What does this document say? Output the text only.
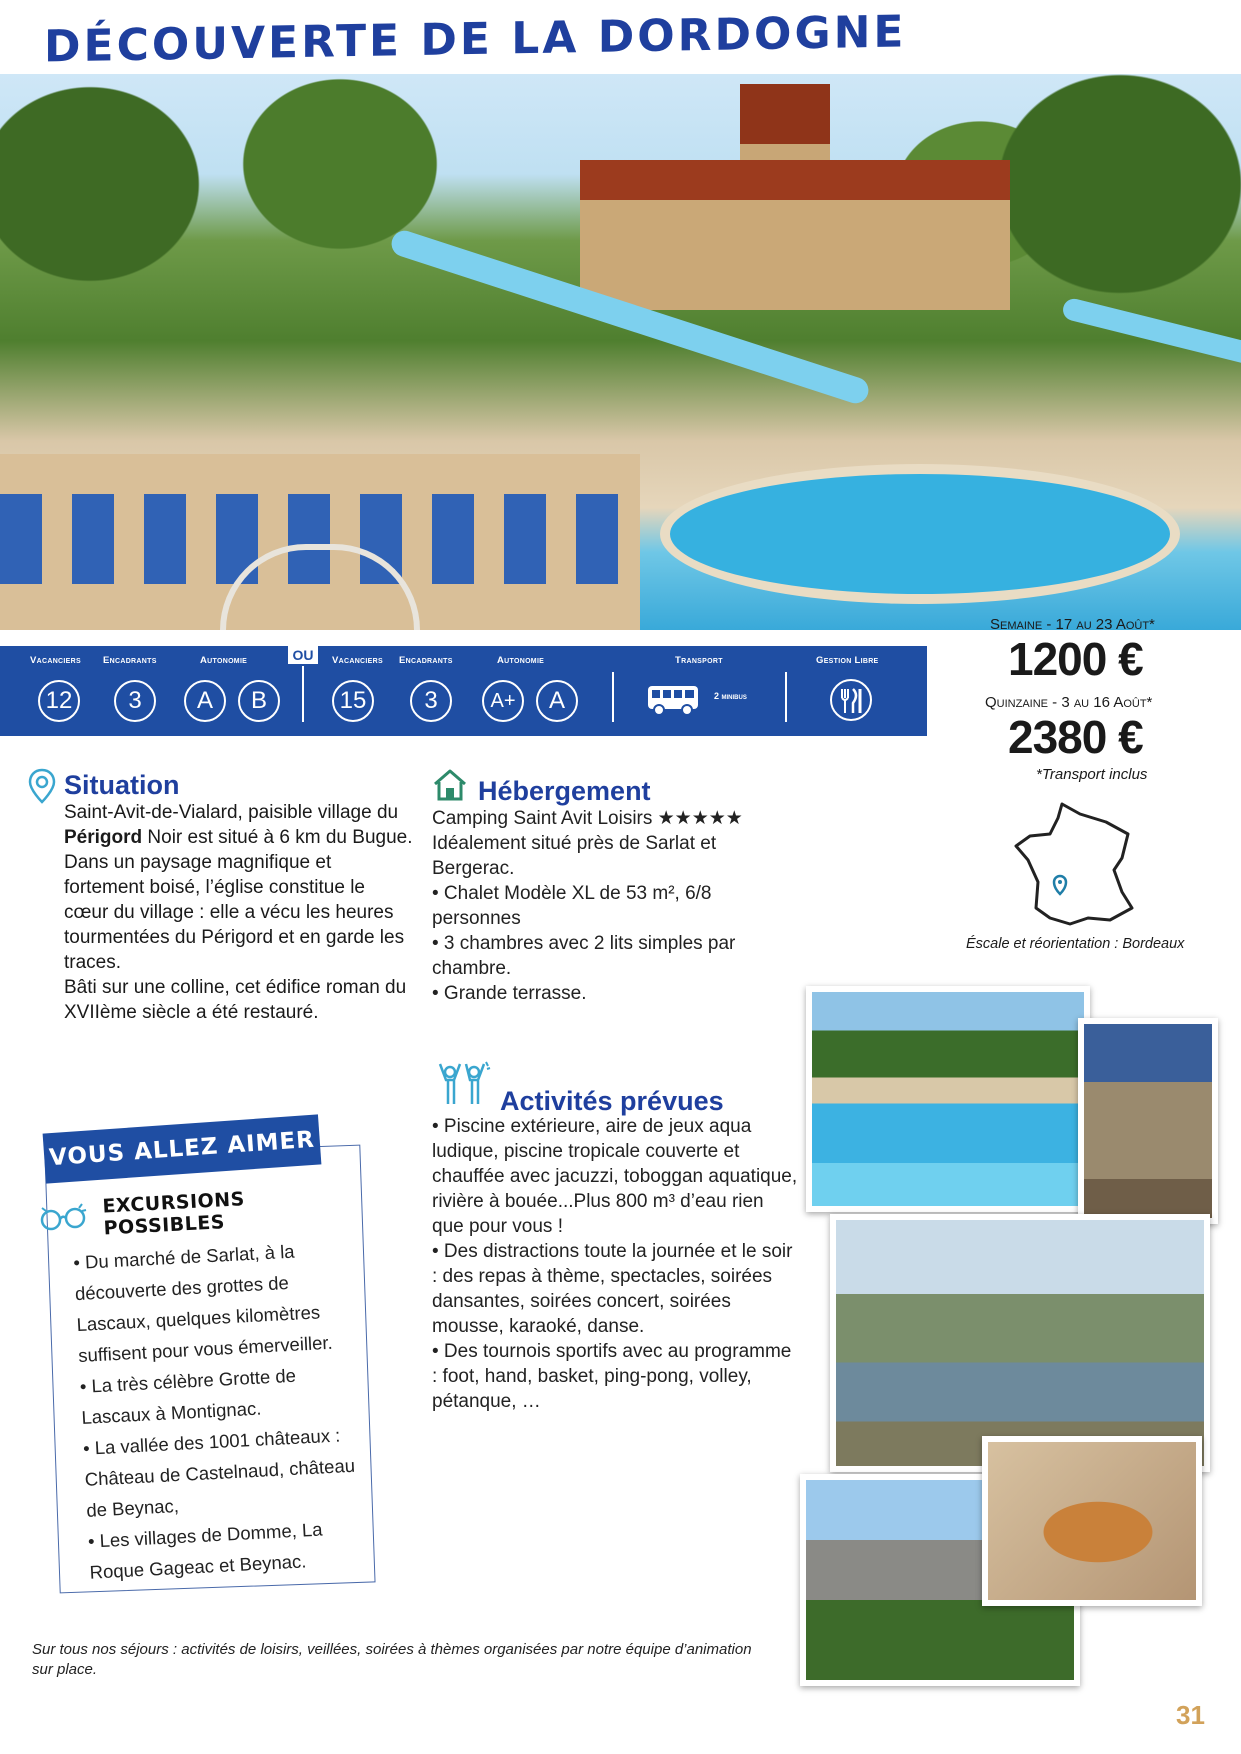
DÉCOUVERTE DE LA DORDOGNE
Vacanciers Encadrants	Autonomie
12	3	A	B
OU	Vacanciers Encadrants	Autonomie
15	3	A+	A
Transport
2 minibus
Gestion Libre
Semaine - 17 au 23 Août*
1200 €
Quinzaine - 3 au 16 Août*
2380 €
*Transport inclus
Éscale et réorientation : Bordeaux
Situation

Saint-Avit-de-Vialard, paisible village du Périgord Noir est situé à 6 km du Bugue. Dans un paysage magnifique et fortement boisé, l’église constitue le cœur du village : elle a vécu les heures tourmentées du Périgord et en garde les traces.

Bâti sur une colline, cet édifice roman du XVIIème siècle a été restauré.

Hébergement

Camping Saint Avit Loisirs ★★★★★

Idéalement situé près de Sarlat et Bergerac.

• Chalet Modèle XL de 53 m², 6/8 personnes

• 3 chambres avec 2 lits simples par chambre.

• Grande terrasse.

Activités prévues

• Piscine extérieure, aire de jeux aqua ludique, piscine tropicale couverte et chauffée avec jacuzzi, toboggan aquatique, rivière à bouée...Plus 800 m³ d’eau rien que pour vous !

• Des distractions toute la journée et le soir : des repas à thème, spectacles, soirées dansantes, soirées concert, soirées mousse, karaoké, danse.

• Des tournois sportifs avec au programme : foot, hand, basket, ping-pong, volley, pétanque, …

VOUS ALLEZ AIMER
EXCURSIONS POSSIBLES
• Du marché de Sarlat, à la découverte des grottes de Lascaux, quelques kilomètres suffisent pour vous émerveiller.
• La très célèbre Grotte de Lascaux à Montignac.
• La vallée des 1001 châteaux : Château de Castelnaud, château de Beynac,
• Les villages de Domme, La Roque Gageac et Beynac.
Sur tous nos séjours : activités de loisirs, veillées, soirées à thèmes organisées par notre équipe d’animation sur place.
31
